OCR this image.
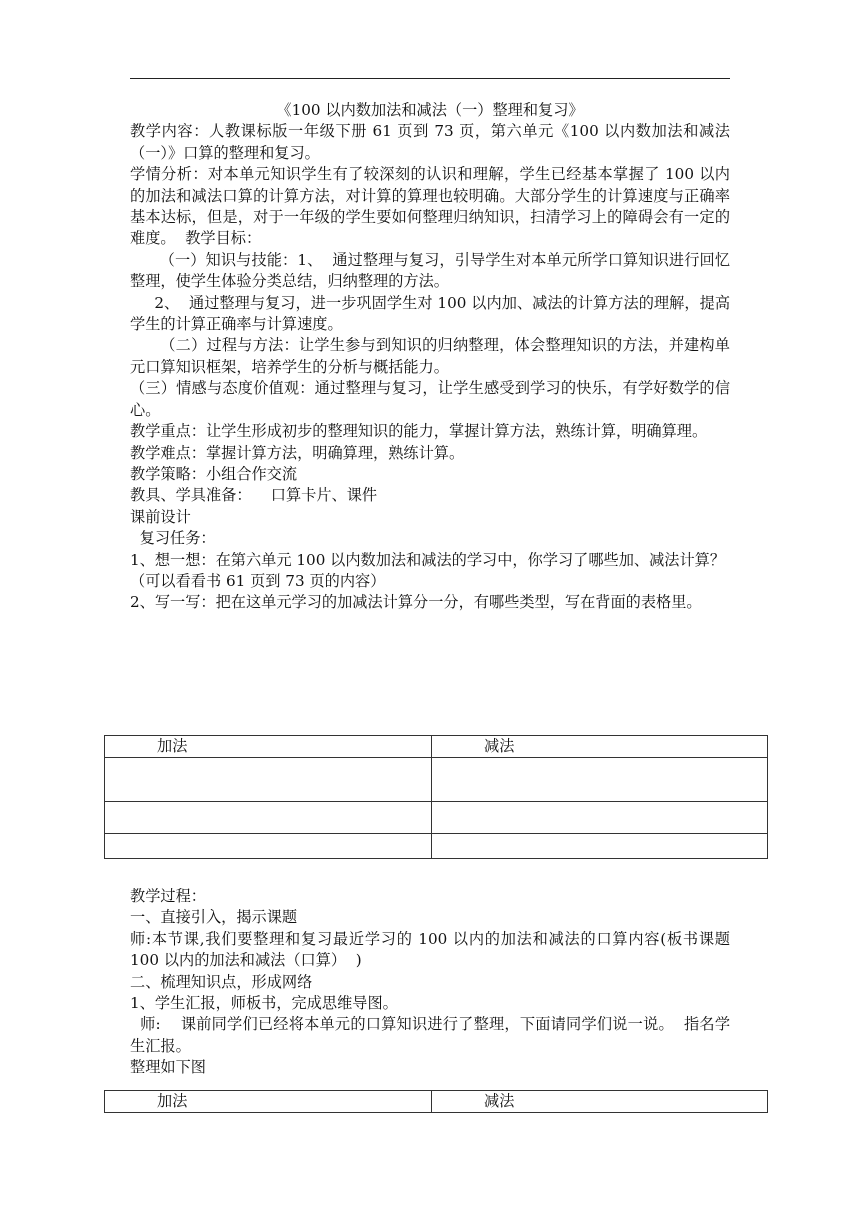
《100 以内数加法和减法（一）整理和复习》

教学内容：人教课标版一年级下册 61 页到 73 页，第六单元《100 以内数加法和减法（一）》口算的整理和复习。

学情分析：对本单元知识学生有了较深刻的认识和理解，学生已经基本掌握了 100 以内的加法和减法口算的计算方法，对计算的算理也较明确。大部分学生的计算速度与正确率基本达标，但是，对于一年级的学生要如何整理归纳知识，扫清学习上的障碍会有一定的难度。  教学目标：

（一）知识与技能：1、  通过整理与复习，引导学生对本单元所学口算知识进行回忆整理，使学生体验分类总结，归纳整理的方法。

2、  通过整理与复习，进一步巩固学生对 100 以内加、减法的计算方法的理解，提高学生的计算正确率与计算速度。

（二）过程与方法：让学生参与到知识的归纳整理，体会整理知识的方法，并建构单元口算知识框架，培养学生的分析与概括能力。

（三）情感与态度价值观：通过整理与复习，让学生感受到学习的快乐，有学好数学的信心。

教学重点：让学生形成初步的整理知识的能力，掌握计算方法，熟练计算，明确算理。

教学难点：掌握计算方法，明确算理，熟练计算。

教学策略：小组合作交流

教具、学具准备：    口算卡片、课件

课前设计

复习任务：

1、想一想：在第六单元 100 以内数加法和减法的学习中，你学习了哪些加、减法计算？

（可以看看书 61 页到 73 页的内容）

2、写一写：把在这单元学习的加减法计算分一分，有哪些类型，写在背面的表格里。

加法	减法

教学过程：

一、直接引入，揭示课题

师:本节课,我们要整理和复习最近学习的 100 以内的加法和减法的口算内容(板书课题    100 以内的加法和减法（口算）  )

二、梳理知识点，形成网络

1、学生汇报，师板书，完成思维导图。

师:    课前同学们已经将本单元的口算知识进行了整理，下面请同学们说一说。  指名学生汇报。

整理如下图

加法	减法
